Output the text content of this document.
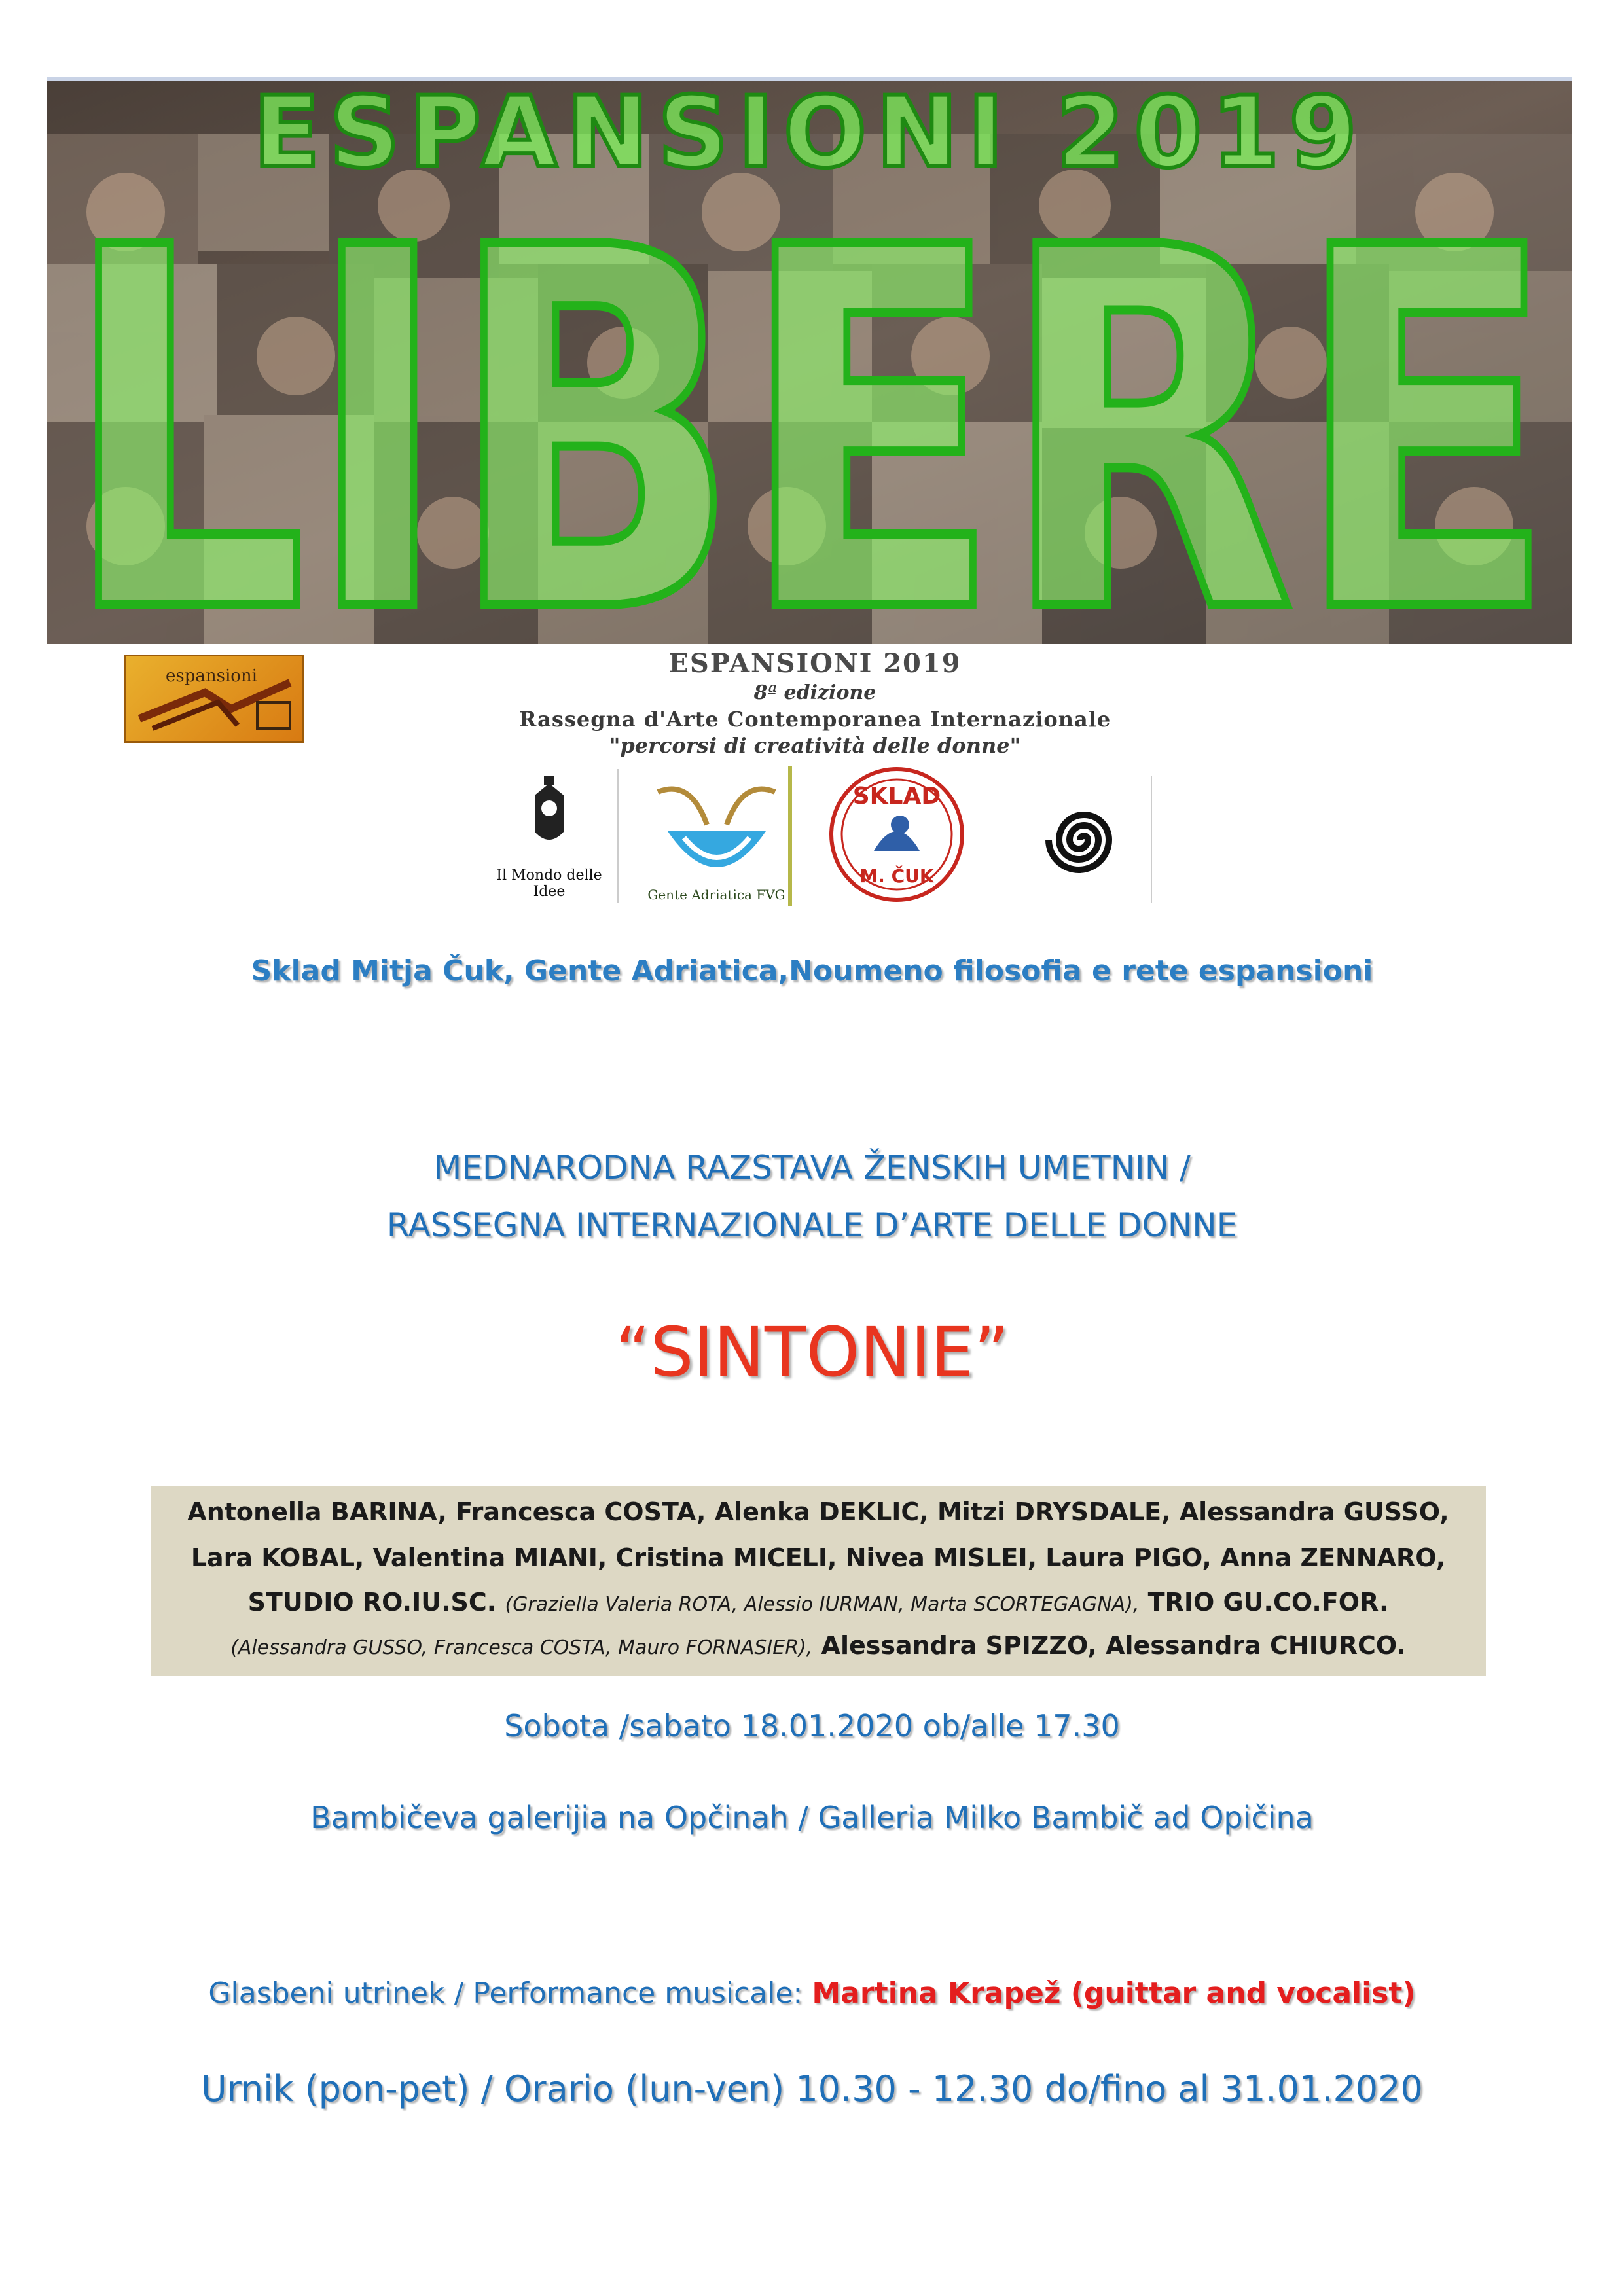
ESPANSIONI 2019
LIBERE
espansioni	ESPANSIONI 2019
8ª edizione
Rassegna d'Arte Contemporanea Internazionale
"percorsi di creatività delle donne"
Il Mondo delle Idee	Gente Adriatica FVG
SKLAD
M. ČUK
Sklad Mitja Čuk, Gente Adriatica,Noumeno filosofia e rete espansioni
MEDNARODNA RAZSTAVA ŽENSKIH UMETNIN /
RASSEGNA INTERNAZIONALE D’ARTE DELLE DONNE
“SINTONIE”
Antonella BARINA, Francesca COSTA, Alenka DEKLIC, Mitzi DRYSDALE, Alessandra GUSSO,
Lara KOBAL, Valentina MIANI, Cristina MICELI, Nivea MISLEI, Laura PIGO, Anna ZENNARO,
STUDIO RO.IU.SC. (Graziella Valeria ROTA, Alessio IURMAN, Marta SCORTEGAGNA), TRIO GU.CO.FOR.
(Alessandra GUSSO, Francesca COSTA, Mauro FORNASIER), Alessandra SPIZZO, Alessandra CHIURCO.
Sobota /sabato 18.01.2020 ob/alle 17.30
Bambičeva galerijia na Opčinah / Galleria Milko Bambič ad Opičina
Glasbeni utrinek / Performance musicale: Martina Krapež (guittar and vocalist)
Urnik (pon-pet) / Orario (lun-ven) 10.30 - 12.30 do/fino al 31.01.2020
